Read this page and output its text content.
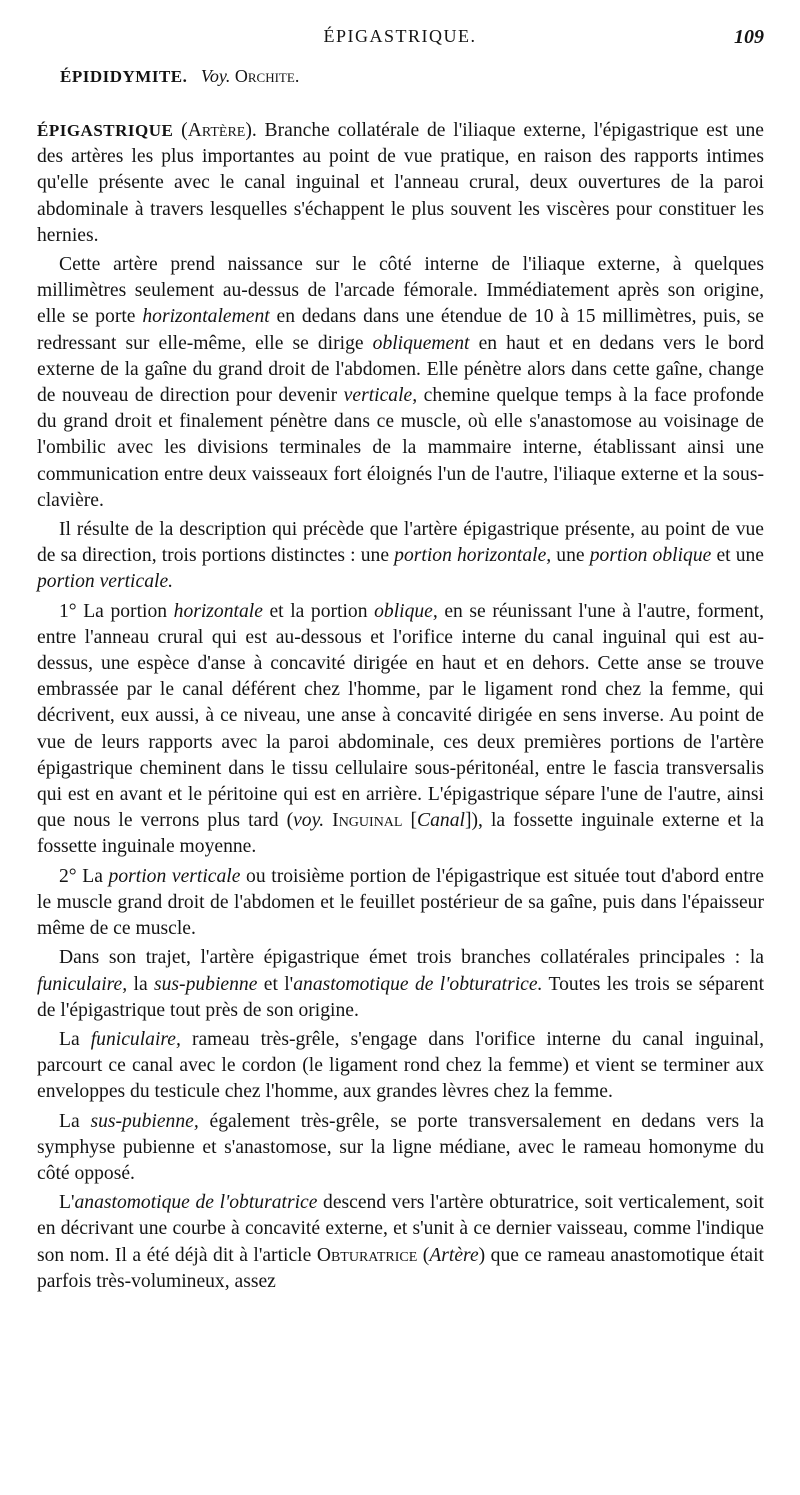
ÉPIGASTRIQUE.	109
ÉPIDIDYMITE. Voy. Orchite.

ÉPIGASTRIQUE (Artère). Branche collatérale de l'iliaque externe, l'épigastrique est une des artères les plus importantes au point de vue pratique, en raison des rapports intimes qu'elle présente avec le canal inguinal et l'anneau crural, deux ouvertures de la paroi abdominale à travers lesquelles s'échappent le plus souvent les viscères pour constituer les hernies.

Cette artère prend naissance sur le côté interne de l'iliaque externe, à quelques millimètres seulement au-dessus de l'arcade fémorale. Immédiatement après son origine, elle se porte horizontalement en dedans dans une étendue de 10 à 15 millimètres, puis, se redressant sur elle-même, elle se dirige obliquement en haut et en dedans vers le bord externe de la gaîne du grand droit de l'abdomen. Elle pénètre alors dans cette gaîne, change de nouveau de direction pour devenir verticale, chemine quelque temps à la face profonde du grand droit et finalement pénètre dans ce muscle, où elle s'anastomose au voisinage de l'ombilic avec les divisions terminales de la mammaire interne, établissant ainsi une communication entre deux vaisseaux fort éloignés l'un de l'autre, l'iliaque externe et la sous-clavière.

Il résulte de la description qui précède que l'artère épigastrique présente, au point de vue de sa direction, trois portions distinctes : une portion horizontale, une portion oblique et une portion verticale.

1° La portion horizontale et la portion oblique, en se réunissant l'une à l'autre, forment, entre l'anneau crural qui est au-dessous et l'orifice interne du canal inguinal qui est au-dessus, une espèce d'anse à concavité dirigée en haut et en dehors. Cette anse se trouve embrassée par le canal déférent chez l'homme, par le ligament rond chez la femme, qui décrivent, eux aussi, à ce niveau, une anse à concavité dirigée en sens inverse. Au point de vue de leurs rapports avec la paroi abdominale, ces deux premières portions de l'artère épigastrique cheminent dans le tissu cellulaire sous-péritonéal, entre le fascia transversalis qui est en avant et le péritoine qui est en arrière. L'épigastrique sépare l'une de l'autre, ainsi que nous le verrons plus tard (voy. Inguinal [Canal]), la fossette inguinale externe et la fossette inguinale moyenne.

2° La portion verticale ou troisième portion de l'épigastrique est située tout d'abord entre le muscle grand droit de l'abdomen et le feuillet postérieur de sa gaîne, puis dans l'épaisseur même de ce muscle.

Dans son trajet, l'artère épigastrique émet trois branches collatérales principales : la funiculaire, la sus-pubienne et l'anastomotique de l'obturatrice. Toutes les trois se séparent de l'épigastrique tout près de son origine.

La funiculaire, rameau très-grêle, s'engage dans l'orifice interne du canal inguinal, parcourt ce canal avec le cordon (le ligament rond chez la femme) et vient se terminer aux enveloppes du testicule chez l'homme, aux grandes lèvres chez la femme.

La sus-pubienne, également très-grêle, se porte transversalement en dedans vers la symphyse pubienne et s'anastomose, sur la ligne médiane, avec le rameau homonyme du côté opposé.

L'anastomotique de l'obturatrice descend vers l'artère obturatrice, soit verticalement, soit en décrivant une courbe à concavité externe, et s'unit à ce dernier vaisseau, comme l'indique son nom. Il a été déjà dit à l'article Obturatrice (Artère) que ce rameau anastomotique était parfois très-volumineux, assez
